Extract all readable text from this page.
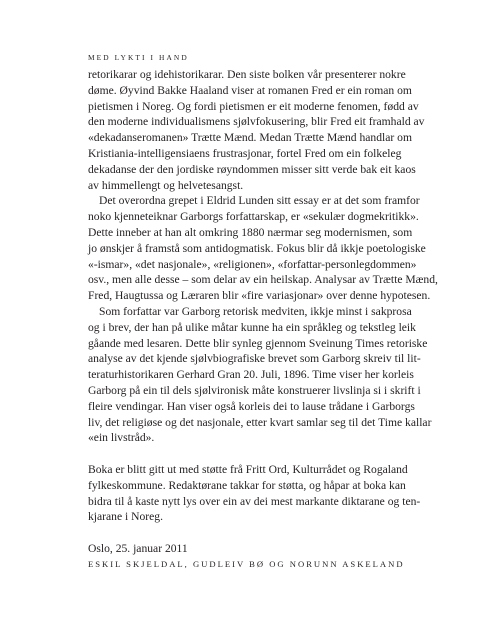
MED LYKTI I HAND
retorikarar og idehistorikarar. Den siste bolken vår presenterer nokre
døme. Øyvind Bakke Haaland viser at romanen Fred er ein roman om
pietismen i Noreg. Og fordi pietismen er eit moderne fenomen, fødd av
den moderne individualismens sjølvfokusering, blir Fred eit framhald av
«dekadanseromanen» Trætte Mænd. Medan Trætte Mænd handlar om
Kristiania-intelligensiaens frustrasjonar, fortel Fred om ein folkeleg
dekadanse der den jordiske røyndommen misser sitt verde bak eit kaos
av himmellengt og helvetesangst.
Det overordna grepet i Eldrid Lunden sitt essay er at det som framfor
noko kjenneteiknar Garborgs forfattarskap, er «sekulær dogmekritikk».
Dette inneber at han alt omkring 1880 nærmar seg modernismen, som
jo ønskjer å framstå som antidogmatisk. Fokus blir då ikkje poetologiske
«-ismar», «det nasjonale», «religionen», «forfattar-personlegdommen»
osv., men alle desse – som delar av ein heilskap. Analysar av Trætte Mænd,
Fred, Haugtussa og Læraren blir «fire variasjonar» over denne hypotesen.
Som forfattar var Garborg retorisk medviten, ikkje minst i sakprosa
og i brev, der han på ulike måtar kunne ha ein språkleg og tekstleg leik
gåande med lesaren. Dette blir synleg gjennom Sveinung Times retoriske
analyse av det kjende sjølvbiografiske brevet som Garborg skreiv til lit-
teraturhistorikaren Gerhard Gran 20. Juli, 1896. Time viser her korleis
Garborg på ein til dels sjølvironisk måte konstruerer livslinja si i skrift i
fleire vendingar. Han viser også korleis dei to lause trådane i Garborgs
liv, det religiøse og det nasjonale, etter kvart samlar seg til det Time kallar
«ein livstråd».
Boka er blitt gitt ut med støtte frå Fritt Ord, Kulturrådet og Rogaland
fylkeskommune. Redaktørane takkar for støtta, og håpar at boka kan
bidra til å kaste nytt lys over ein av dei mest markante diktarane og ten-
kjarane i Noreg.
Oslo, 25. januar 2011
ESKIL SKJELDAL, GUDLEIV BØ OG NORUNN ASKELAND
